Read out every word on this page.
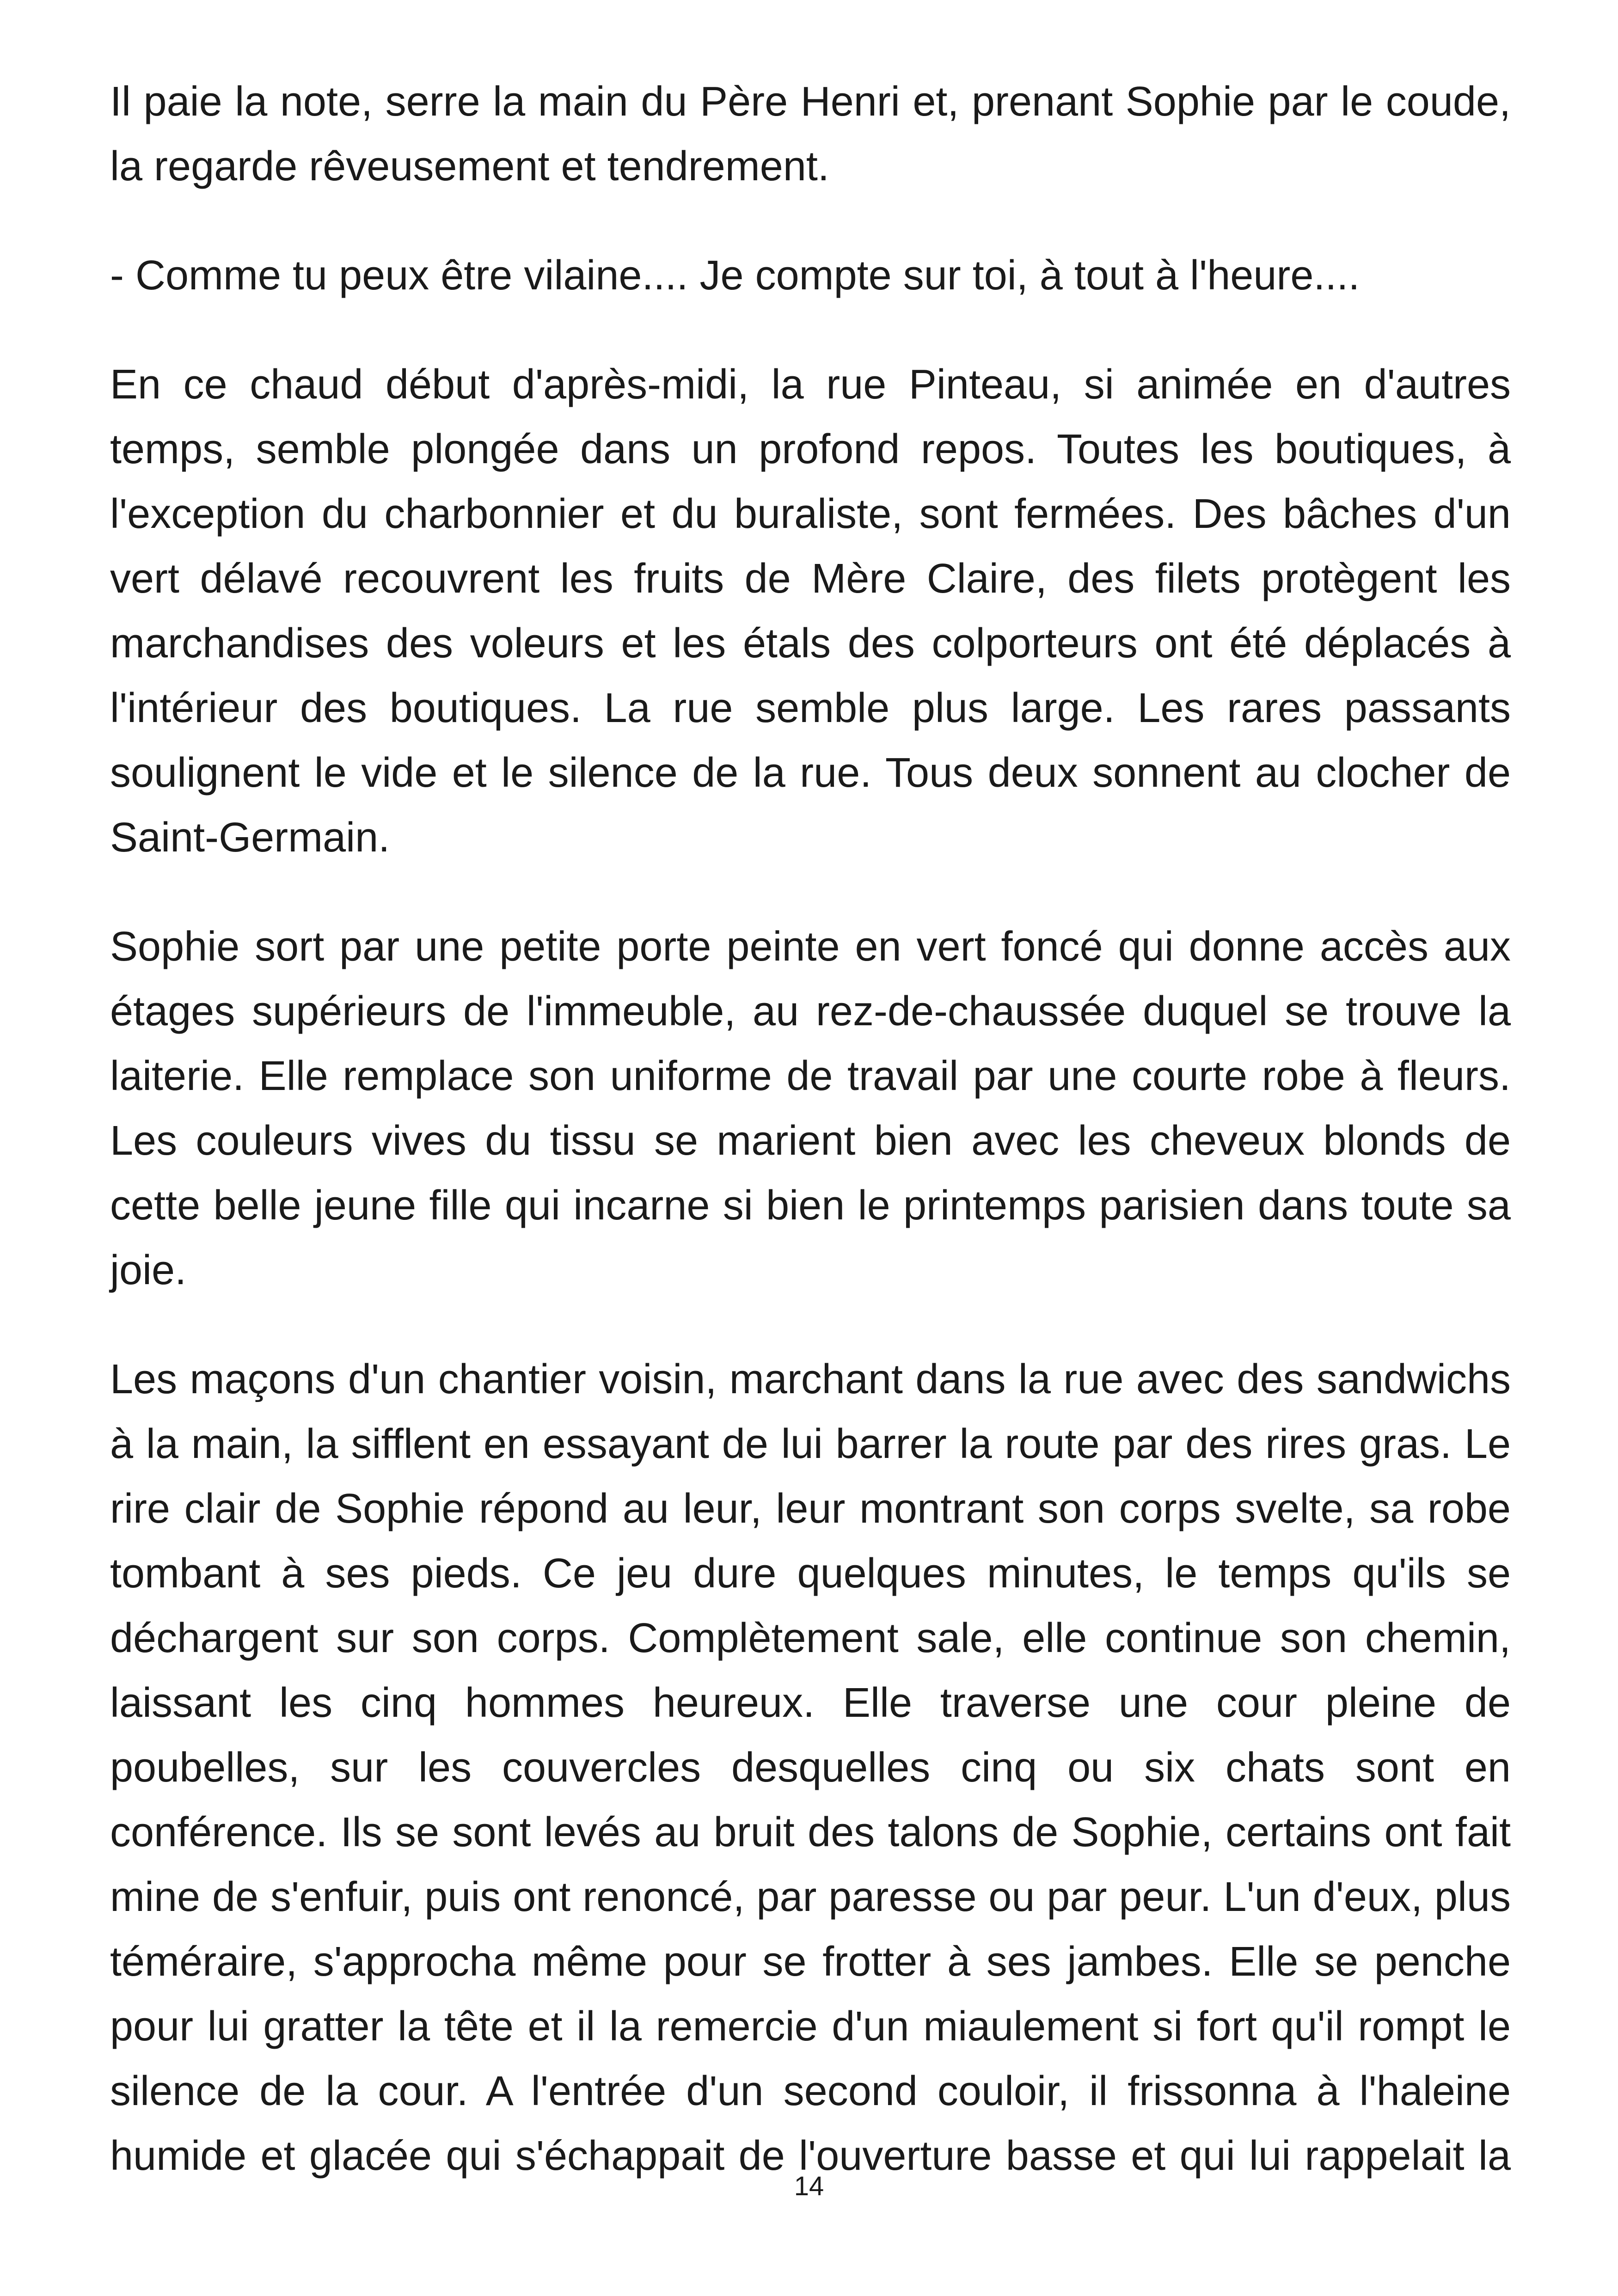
Il paie la note, serre la main du Père Henri et, prenant Sophie par le coude, la regarde rêveusement et tendrement.

- Comme tu peux être vilaine.... Je compte sur toi, à tout à l'heure....

En ce chaud début d'après-midi, la rue Pinteau, si animée en d'autres temps, semble plongée dans un profond repos. Toutes les boutiques, à l'exception du charbonnier et du buraliste, sont fermées. Des bâches d'un vert délavé recouvrent les fruits de Mère Claire, des filets protègent les marchandises des voleurs et les étals des colporteurs ont été déplacés à l'intérieur des boutiques. La rue semble plus large. Les rares passants soulignent le vide et le silence de la rue. Tous deux sonnent au clocher de Saint-Germain.

Sophie sort par une petite porte peinte en vert foncé qui donne accès aux étages supérieurs de l'immeuble, au rez-de-chaussée duquel se trouve la laiterie. Elle remplace son uniforme de travail par une courte robe à fleurs. Les couleurs vives du tissu se marient bien avec les cheveux blonds de cette belle jeune fille qui incarne si bien le printemps parisien dans toute sa joie.

Les maçons d'un chantier voisin, marchant dans la rue avec des sandwichs à la main, la sifflent en essayant de lui barrer la route par des rires gras. Le rire clair de Sophie répond au leur, leur montrant son corps svelte, sa robe tombant à ses pieds. Ce jeu dure quelques minutes, le temps qu'ils se déchargent sur son corps. Complètement sale, elle continue son chemin, laissant les cinq hommes heureux. Elle traverse une cour pleine de poubelles, sur les couvercles desquelles cinq ou six chats sont en conférence. Ils se sont levés au bruit des talons de Sophie, certains ont fait mine de s'enfuir, puis ont renoncé, par paresse ou par peur. L'un d'eux, plus téméraire, s'approcha même pour se frotter à ses jambes. Elle se penche pour lui gratter la tête et il la remercie d'un miaulement si fort qu'il rompt le silence de la cour. A l'entrée d'un second couloir, il frissonna à l'haleine humide et glacée qui s'échappait de l'ouverture basse et qui lui rappelait la

14
